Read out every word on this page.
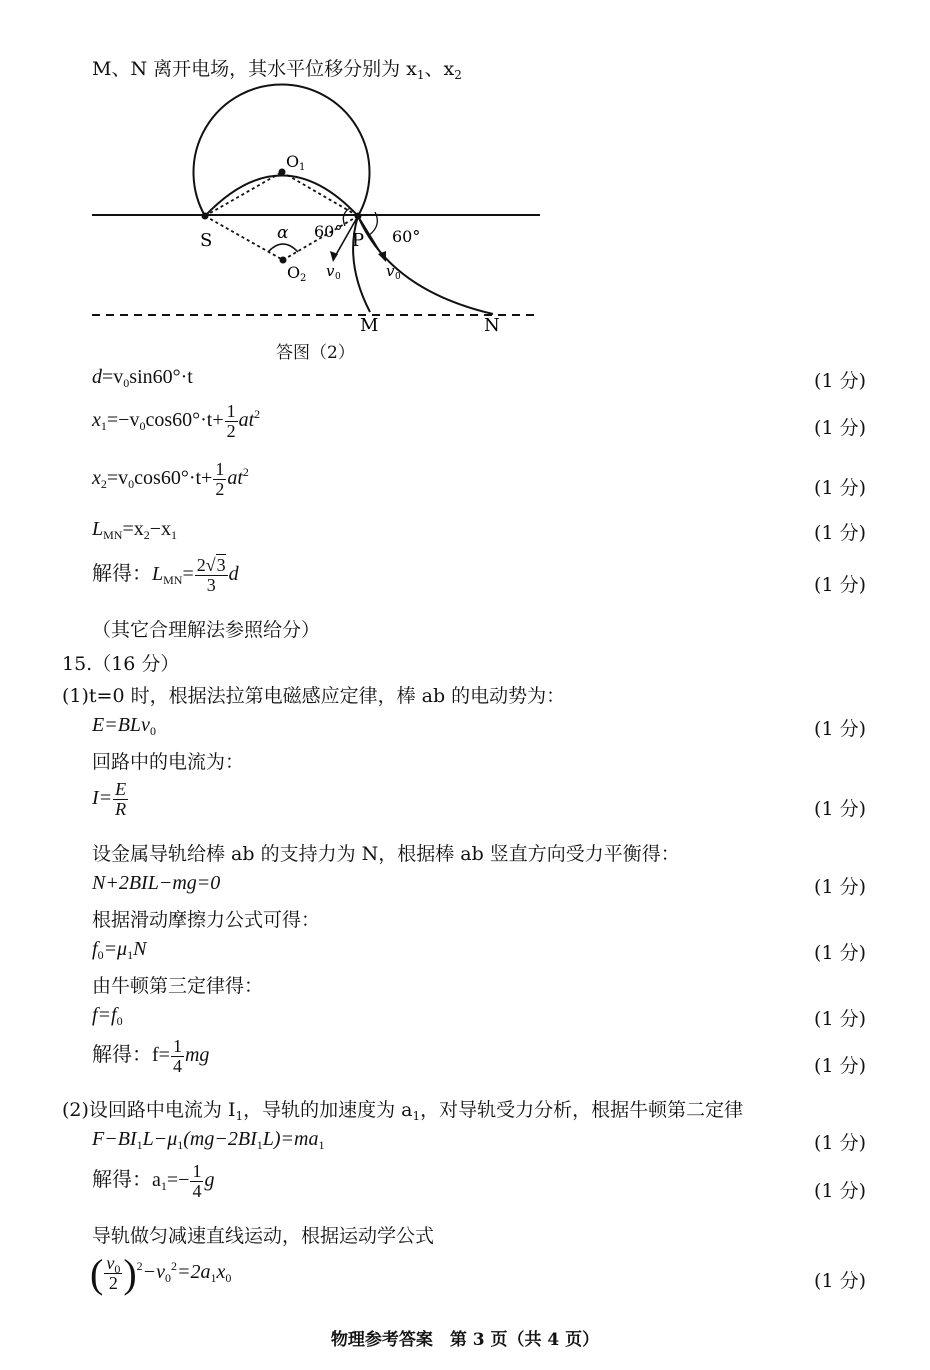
M、N 离开电场，其水平位移分别为 $x_1$、$x_2$
S	P
O 1
O 2
α 60°	60°
v 0	v 0
M	N
答图（2）
$d=v_0\sin 60^\circ\cdot t$	(1 分)
$x_1=-v_0\cos 60^\circ\cdot t+ \frac{1}{2} at^2$
(1 分)
$x_2=v_0\cos 60^\circ\cdot t+ \frac{1}{2} at^2$
(1 分)
$L_{MN}=x_2-x_1$	(1 分)
解得：$L_{MN}= \frac{2√3}{3}$ d
(1 分)
（其它合理解法参照给分）
15.（16 分）
(1)t=0 时，根据法拉第电磁感应定律，棒 ab 的电动势为：
E=BLv$_0$	(1 分)
回路中的电流为：
$I= \frac{E}{R}$	(1 分)
设金属导轨给棒 ab 的支持力为 N，根据棒 ab 竖直方向受力平衡得：
N+2BIL−mg=0	(1 分)
根据滑动摩擦力公式可得：
$f_0=\mu_1N$	(1 分)
由牛顿第三定律得：
$f=f_0$	(1 分)
解得：$f= \frac{1}{4}$ mg
(1 分)
(2)设回路中电流为 $I_1$，导轨的加速度为 $a_1$，对导轨受力分析，根据牛顿第二定律
$F-BI_1L-\mu_1(mg-2BI_1L)=ma_1$	(1 分)
解得：$a_1=- \frac{1}{4}$ g
(1 分)
导轨做匀减速直线运动，根据运动学公式
( $\frac{v_0}{2} )^2-v_0^2=2a_1x_0$	(1 分)
物理参考答案　第 3 页（共 4 页）
